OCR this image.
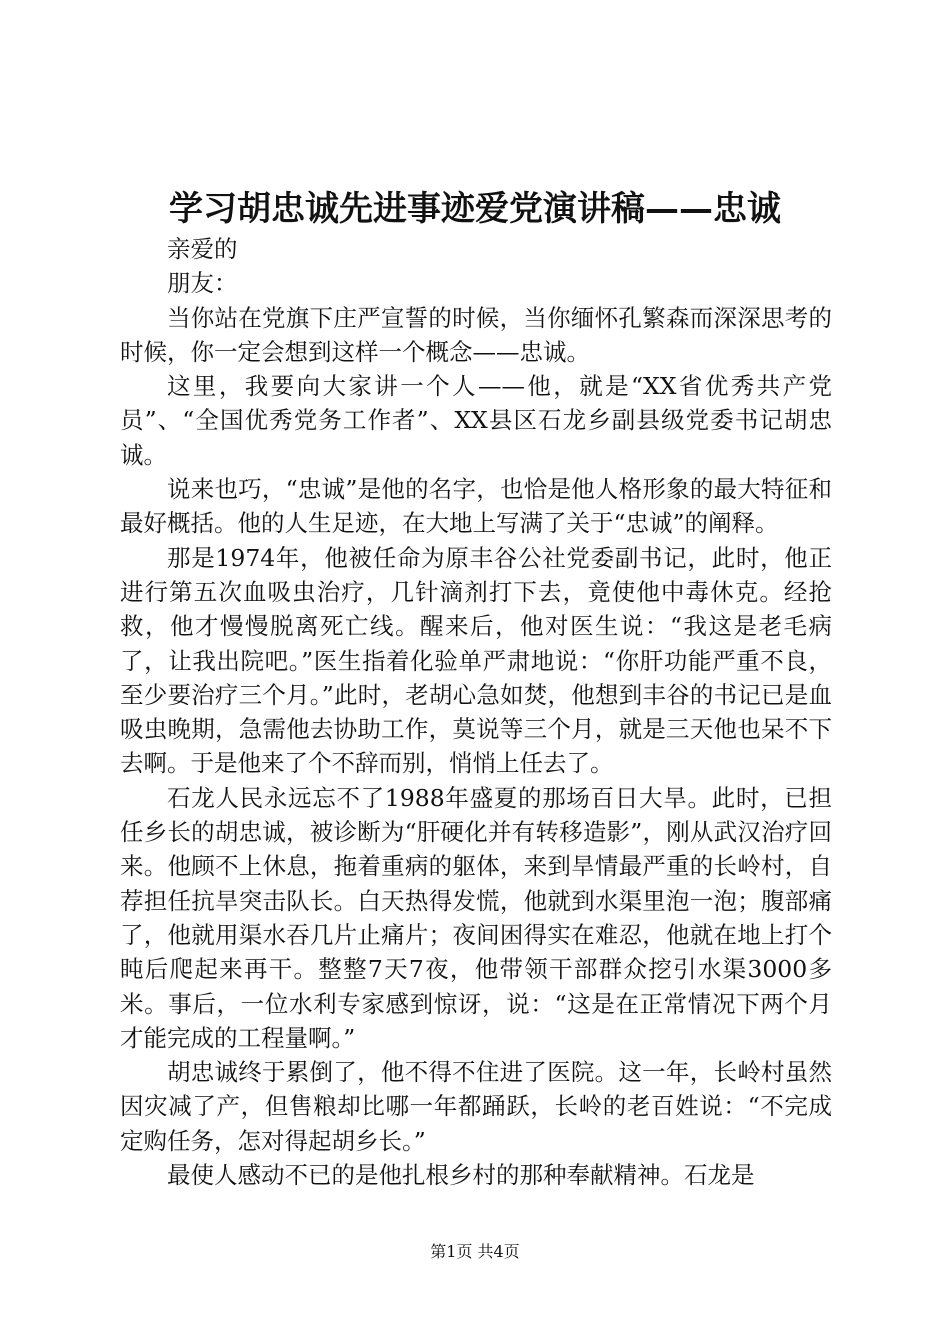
学习胡忠诚先进事迹爱党演讲稿——忠诚

亲爱的

朋友：

当你站在党旗下庄严宣誓的时候，当你缅怀孔繁森而深深思考的时候，你一定会想到这样一个概念——忠诚。

这里，我要向大家讲一个人——他，就是“XX省优秀共产党员”、“全国优秀党务工作者”、XX县区石龙乡副县级党委书记胡忠诚。

说来也巧，“忠诚”是他的名字，也恰是他人格形象的最大特征和最好概括。他的人生足迹，在大地上写满了关于“忠诚”的阐释。

那是1974年，他被任命为原丰谷公社党委副书记，此时，他正进行第五次血吸虫治疗，几针滴剂打下去，竟使他中毒休克。经抢救，他才慢慢脱离死亡线。醒来后，他对医生说：“我这是老毛病了，让我出院吧。”医生指着化验单严肃地说：“你肝功能严重不良，至少要治疗三个月。”此时，老胡心急如焚，他想到丰谷的书记已是血吸虫晚期，急需他去协助工作，莫说等三个月，就是三天他也呆不下去啊。于是他来了个不辞而别，悄悄上任去了。

石龙人民永远忘不了1988年盛夏的那场百日大旱。此时，已担任乡长的胡忠诚，被诊断为“肝硬化并有转移造影”，刚从武汉治疗回来。他顾不上休息，拖着重病的躯体，来到旱情最严重的长岭村，自荐担任抗旱突击队长。白天热得发慌，他就到水渠里泡一泡；腹部痛了，他就用渠水吞几片止痛片；夜间困得实在难忍，他就在地上打个盹后爬起来再干。整整7天7夜，他带领干部群众挖引水渠3000多米。事后，一位水利专家感到惊讶，说：“这是在正常情况下两个月才能完成的工程量啊。”

胡忠诚终于累倒了，他不得不住进了医院。这一年，长岭村虽然因灾减了产，但售粮却比哪一年都踊跃，长岭的老百姓说：“不完成定购任务，怎对得起胡乡长。”

最使人感动不已的是他扎根乡村的那种奉献精神。石龙是

第1页 共4页
